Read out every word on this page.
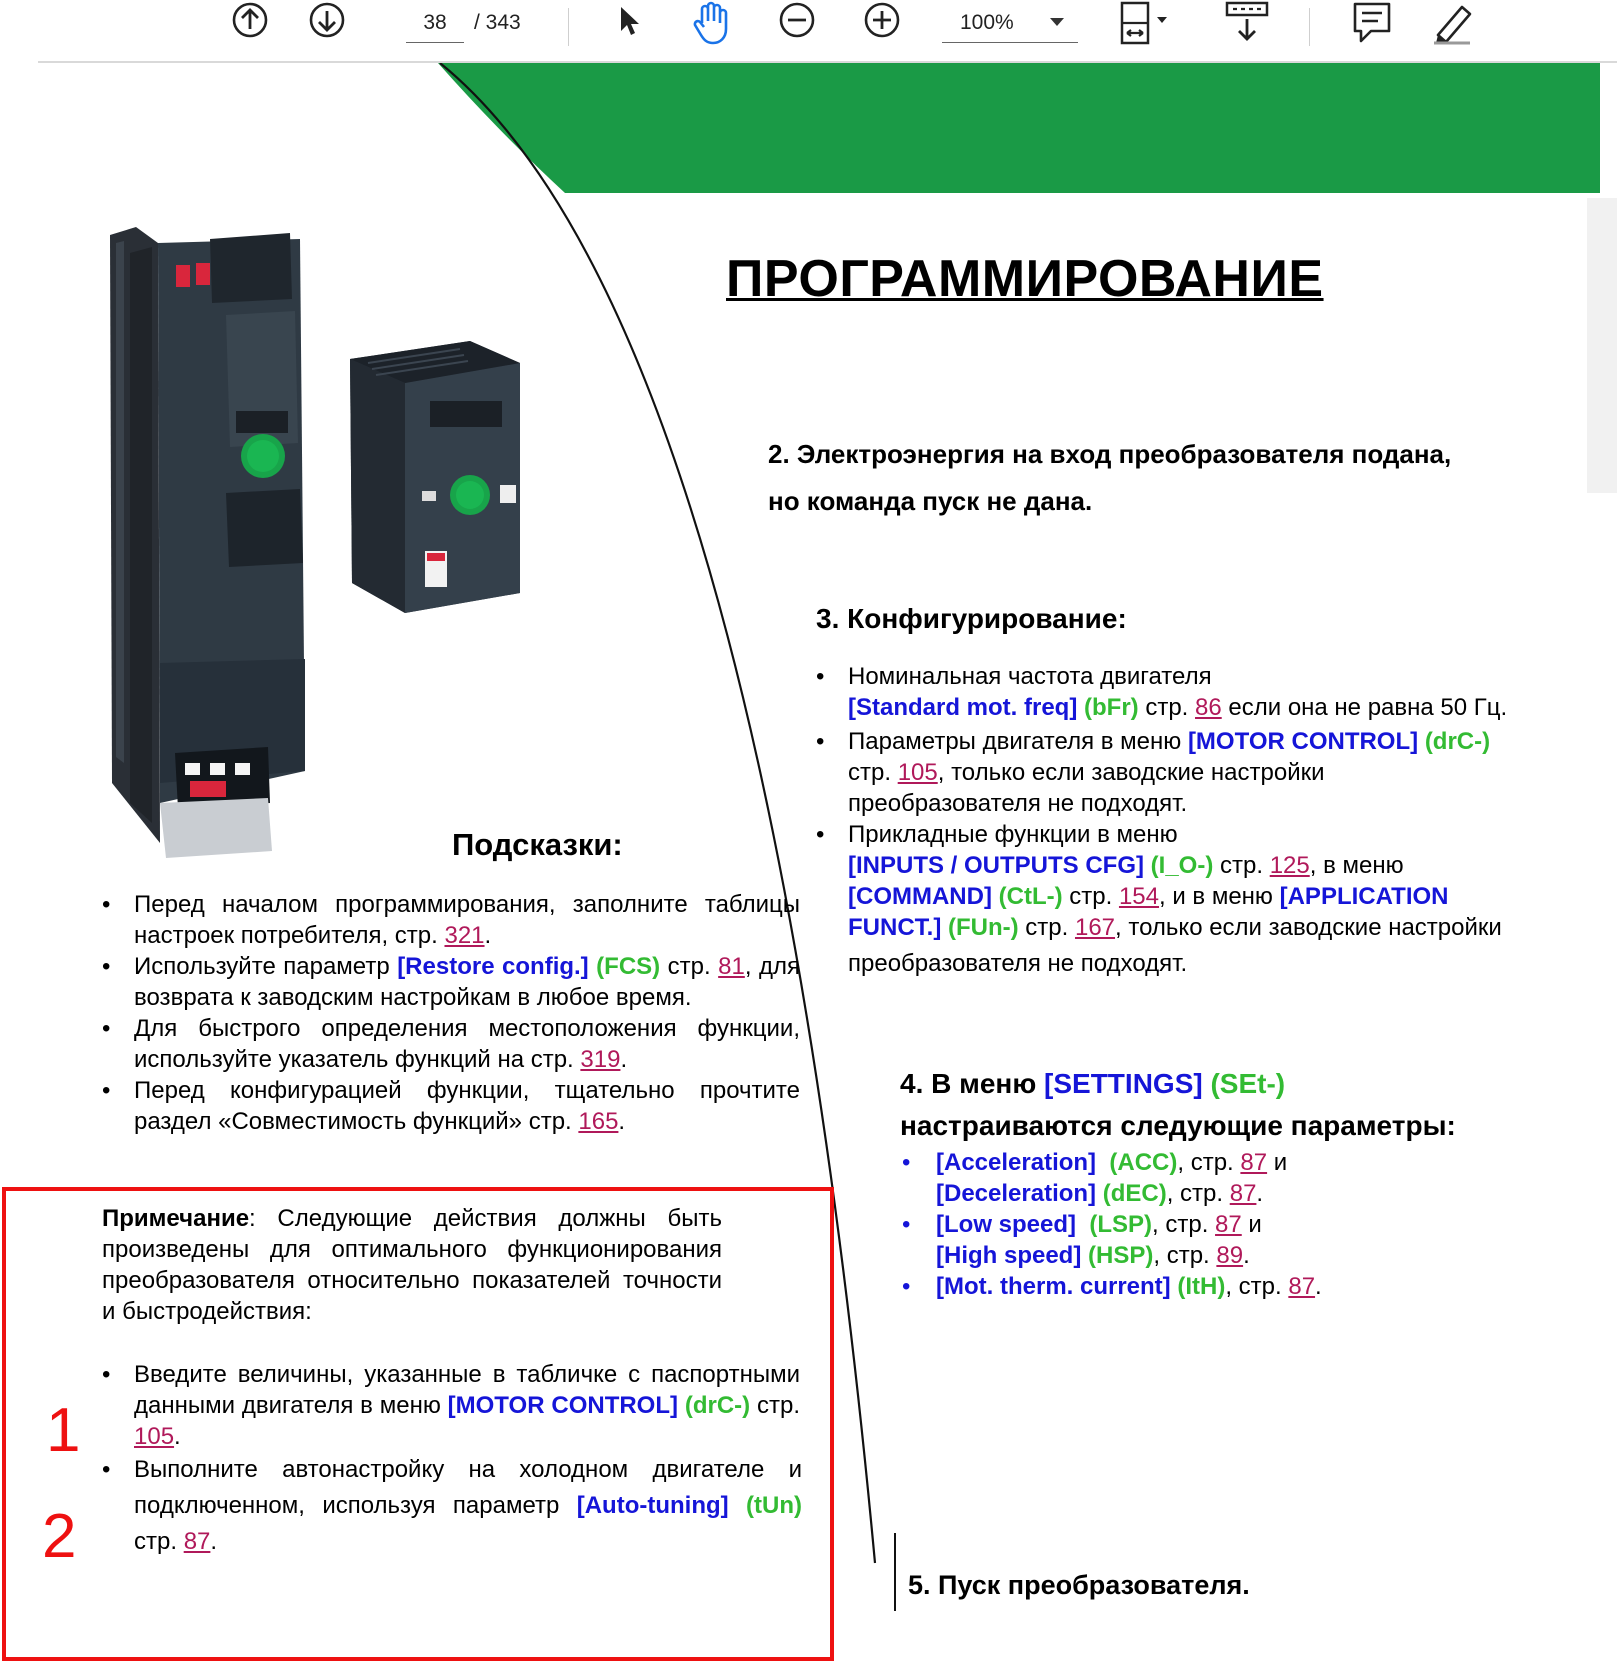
38	/ 343	100%
ПРОГРАММИРОВАНИЕ
2. Электроэнергия на вход преобразователя подана,
но команда пуск не дана.
3. Конфигурирование:
• Номинальная частота двигателя
[Standard mot. freq] (bFr) стр. 86 если она не равна 50 Гц.
• Параметры двигателя в меню [MOTOR CONTROL] (drC-)
стр. 105, только если заводские настройки
преобразователя не подходят.
• Прикладные функции в меню
[INPUTS / OUTPUTS CFG] (I_O-) стр. 125, в меню
[COMMAND] (CtL-) стр. 154, и в меню [APPLICATION
FUNCT.] (FUn-) стр. 167, только если заводские настройки
преобразователя не подходят.
4. В меню [SETTINGS] (SEt-)
настраиваются следующие параметры:
• [Acceleration] (ACC), стр. 87 и
[Deceleration] (dEC), стр. 87.
• [Low speed] (LSP), стр. 87 и
[High speed] (HSP), стр. 89.
• [Mot. therm. current] (ItH), стр. 87.
5. Пуск преобразователя.
Подсказки:
• Перед началом программирования, заполните таблицы настроек потребителя, стр. 321.
• Используйте параметр [Restore config.] (FCS) стр. 81, для возврата к заводским настройкам в любое время.
• Для быстрого определения местоположения функции, используйте указатель функций на стр. 319.
• Перед конфигурацией функции, тщательно прочтите раздел «Совместимость функций» стр. 165.
Примечание: Следующие действия должны быть произведены для оптимального функционирования преобразователя относительно показателей точности и быстродействия:
• Введите величины, указанные в табличке с паспортными данными двигателя в меню [MOTOR CONTROL] (drC-) стр. 105.
• Выполните автонастройку на холодном двигателе и подключенном, используя параметр [Auto-tuning] (tUn) стр. 87.
1
2
